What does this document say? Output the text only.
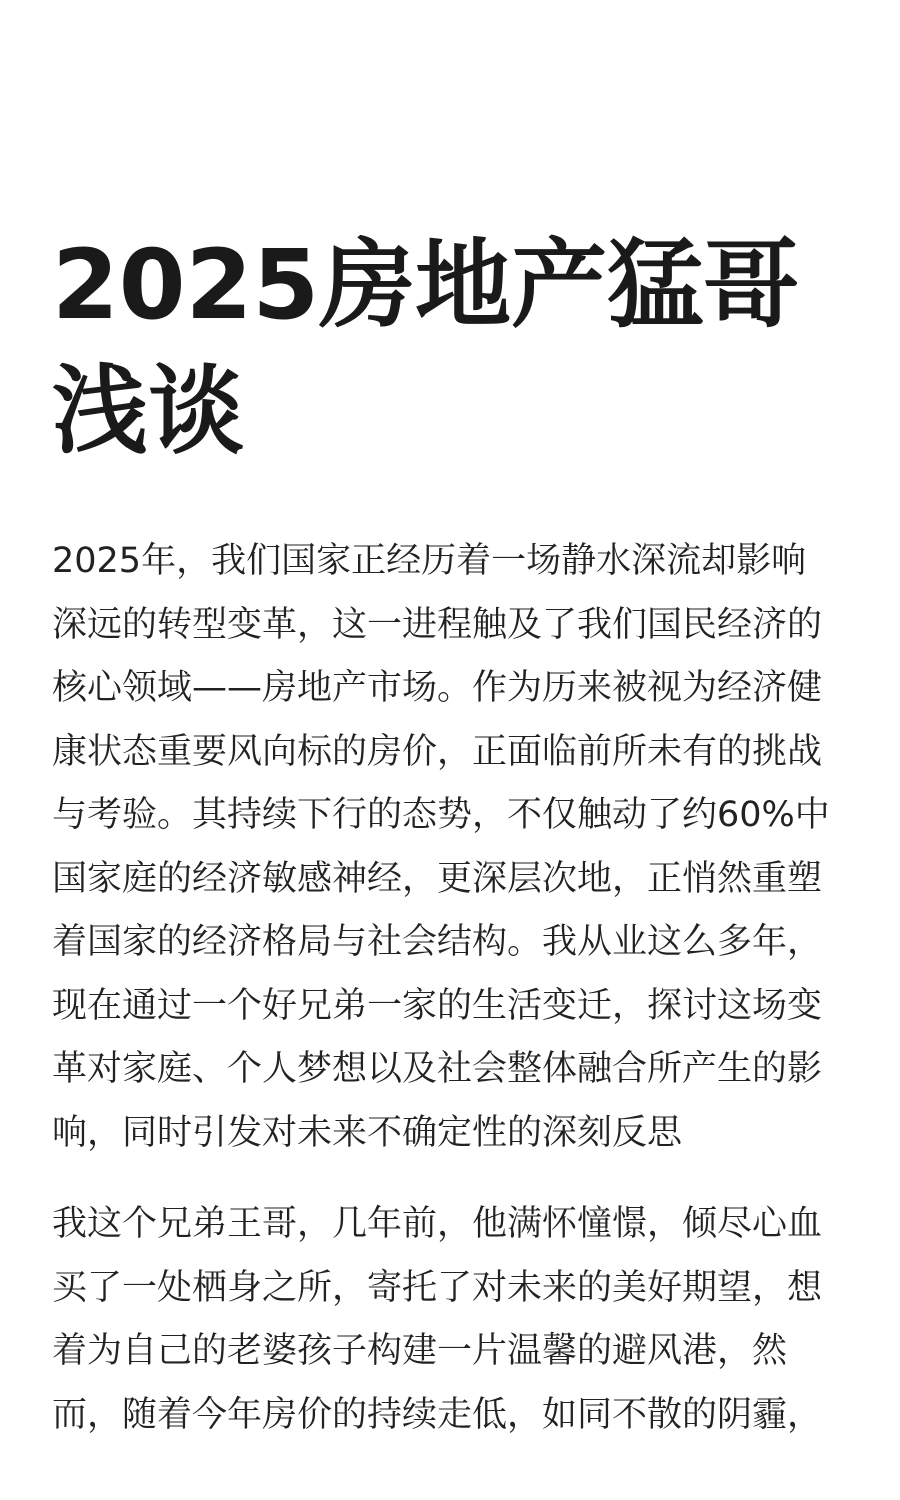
2025房地产猛哥
浅谈

2025年，我们国家正经历着一场静水深流却影响
深远的转型变革，这一进程触及了我们国民经济的
核心领域——房地产市场。作为历来被视为经济健
康状态重要风向标的房价，正面临前所未有的挑战
与考验。其持续下行的态势，不仅触动了约60%中
国家庭的经济敏感神经，更深层次地，正悄然重塑
着国家的经济格局与社会结构。我从业这么多年，
现在通过一个好兄弟一家的生活变迁，探讨这场变
革对家庭、个人梦想以及社会整体融合所产生的影
响，同时引发对未来不确定性的深刻反思

我这个兄弟王哥，几年前，他满怀憧憬，倾尽心血
买了一处栖身之所，寄托了对未来的美好期望，想
着为自己的老婆孩子构建一片温馨的避风港，然
而，随着今年房价的持续走低，如同不散的阴霾，
